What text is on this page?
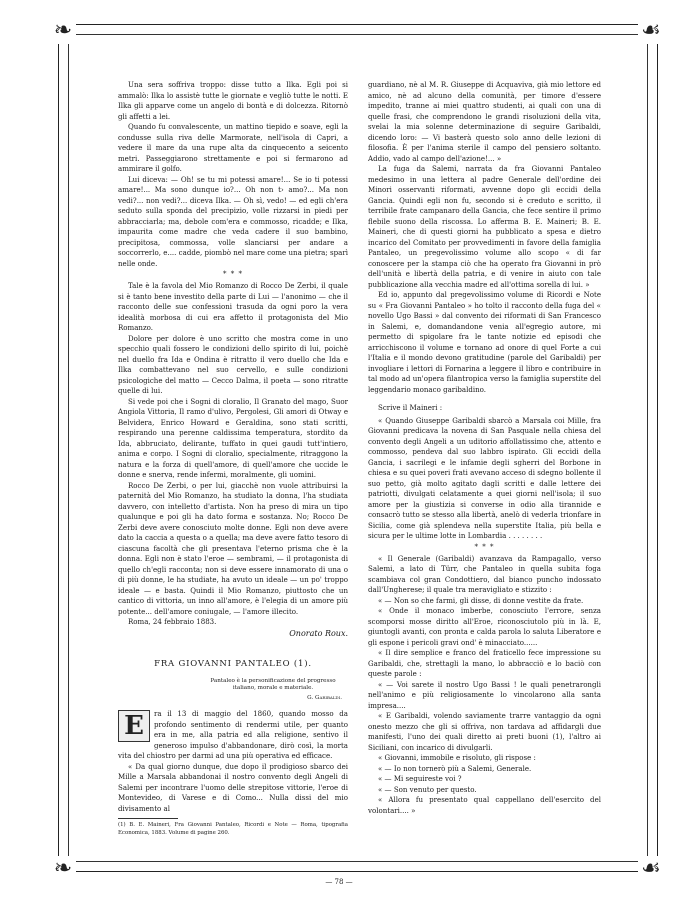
❧	☙
❧	☙

Una sera soffriva troppo: disse tutto a Ilka. Egli poi si ammalò: Ilka lo assistè tutte le giornate e vegliò tutte le notti. E Ilka gli apparve come un angelo di bontà e di dolcezza. Ritornò gli affetti a lei.

Quando fu convalescente, un mattino tiepido e soave, egli la condusse sulla riva delle Marmorate, nell'isola di Capri, a vedere il mare da una rupe alta da cinquecento a seicento metri. Passeggiarono strettamente e poi si fermarono ad ammirare il golfo.

Lui diceva: — Oh! se tu mi potessi amare!... Se io ti potessi amare!... Ma sono dunque io?... Oh non t› amo?... Ma non vedi?... non vedi?... diceva Ilka. — Oh sì, vedo! — ed egli ch'era seduto sulla sponda del precipizio, volle rizzarsi in piedi per abbracciarla; ma, debole com'era e commosso, ricadde; e Ilka, impaurita come madre che veda cadere il suo bambino, precipitosa, commossa, volle slanciarsi per andare a soccorrerlo, e.... cadde, piombò nel mare come una pietra; sparì nelle onde.

* * *

Tale è la favola del Mio Romanzo di Rocco De Zerbi, il quale si è tanto bene investito della parte di Lui — l'anonimo — che il racconto delle sue confessioni trasuda da ogni poro la vera idealità morbosa di cui era affetto il protagonista del Mio Romanzo.

Dolore per dolore è uno scritto che mostra come in uno specchio quali fossero le condizioni dello spirito di lui, poichè nel duello fra Ida e Ondina è ritratto il vero duello che Ida e Ilka combattevano nel suo cervello, e sulle condizioni psicologiche del matto — Cecco Dalma, il poeta — sono ritratte quelle di lui.

Si vede poi che i Sogni di cloralio, Il Granato del mago, Suor Angiola Vittoria, Il ramo d'ulivo, Pergolesi, Gli amori di Otway e Belvidera, Enrico Howard e Geraldina, sono stati scritti, respirando una perenne caldissima temperatura, stordito da Ida, abbruciato, delirante, tuffato in quei gaudi tutt'intiero, anima e corpo. I Sogni di cloralio, specialmente, ritraggono la natura e la forza di quell'amore, di quell'amore che uccide le donne e snerva, rende infermi, moralmente, gli uomini.

Rocco De Zerbi, o per lui, giacchè non vuole attribuirsi la paternità del Mio Romanzo, ha studiato la donna, l'ha studiata davvero, con intelletto d'artista. Non ha preso di mira un tipo qualunque e poi gli ha dato forma e sostanza. No; Rocco De Zerbi deve avere conosciuto molte donne. Egli non deve avere dato la caccia a questa o a quella; ma deve avere fatto tesoro di ciascuna facoltà che gli presentava l'eterno prisma che è la donna. Egli non è stato l'eroe — sembrami, — il protagonista di quello ch'egli racconta; non si deve essere innamorato di una o di più donne, le ha studiate, ha avuto un ideale — un po' troppo ideale — e basta. Quindi il Mio Romanzo, piuttosto che un cantico di vittoria, un inno all'amore, è l'elegia di un amore più potente... dell'amore coniugale, — l'amore illecito.

Roma, 24 febbraio 1883.

Onorato Roux.
FRA GIOVANNI PANTALEO (1).
Pantaleo è la personificazione del progresso
italiano, morale e materiale.
G. Garibaldi.
E	ra il 13 di maggio del 1860, quando mosso da profondo sentimento di rendermi utile, per quanto era in me, alla patria ed alla religione, sentivo il generoso impulso d'abbandonare, dirò così, la morta vita del chiostro per darmi ad una più operativa ed efficace.

« Da qual giorno dunque, due dopo il prodigioso sbarco dei Mille a Marsala abbandonai il nostro convento degli Angeli di Salemi per incontrare l'uomo delle strepitose vittorie, l'eroe di Montevideo, di Varese e di Como... Nulla dissi del mio divisamento al

(1) B. E. Maineri, Fra Giovanni Pantaleo, Ricordi e Note — Roma, tipografia Economica, 1883. Volume di pagine 260.

guardiano, nè al M. R. Giuseppe di Acquaviva, già mio lettore ed amico, nè ad alcuno della comunità, per timore d'essere impedito, tranne ai miei quattro studenti, ai quali con una di quelle frasi, che comprendono le grandi risoluzioni della vita, svelai la mia solenne determinazione di seguire Garibaldi, dicendo loro: — Vi basterà questo solo anno delle lezioni di filosofia. È per l'anima sterile il campo del pensiero soltanto. Addio, vado al campo dell'azione!... »

La fuga da Salemi, narrata da fra Giovanni Pantaleo medesimo in una lettera al padre Generale dell'ordine dei Minori osservanti riformati, avvenne dopo gli eccidi della Gancia. Quindi egli non fu, secondo si è creduto e scritto, il terribile frate campanaro della Gancia, che fece sentire il primo flebile suono della riscossa. Lo afferma B. E. Maineri; B. E. Maineri, che di questi giorni ha pubblicato a spesa e dietro incarico del Comitato per provvedimenti in favore della famiglia Pantaleo, un pregevolissimo volume allo scopo « di far conoscere per la stampa ciò che ha operato fra Giovanni in prò dell'unità e libertà della patria, e di venire in aiuto con tale pubblicazione alla vecchia madre ed all'ottima sorella di lui. »

Ed io, appunto dal pregevolissimo volume di Ricordi e Note su « Fra Giovanni Pantaleo » ho tolto il racconto della fuga del « novello Ugo Bassi » dal convento dei riformati di San Francesco in Salemi, e, domandandone venia all'egregio autore, mi permetto di spigolare fra le tante notizie ed episodi che arricchiscono il volume e tornano ad onore di quel Forte a cui l'Italia e il mondo devono gratitudine (parole del Garibaldi) per invogliare i lettori di Fornarina a leggere il libro e contribuire in tal modo ad un'opera filantropica verso la famiglia superstite del leggendario monaco garibaldino.

Scrive il Maineri :

« Quando Giuseppe Garibaldi sbarcò a Marsala coi Mille, fra Giovanni predicava la novena di San Pasquale nella chiesa del convento degli Angeli a un uditorio affollatissimo che, attento e commosso, pendeva dal suo labbro ispirato. Gli eccidi della Gancia, i sacrilegi e le infamie degli sgherri del Borbone in chiesa e su quei poveri frati avevano acceso di sdegno bollente il suo petto, già molto agitato dagli scritti e dalle lettere dei patriotti, divulgati celatamente a quei giorni nell'isola; il suo amore per la giustizia si converse in odio alla tirannide e consacrò tutto se stesso alla libertà, anelò di vederla trionfare in Sicilia, come già splendeva nella superstite Italia, più bella e sicura per le ultime lotte in Lombardia . . . . . . . .

* * *

« Il Generale (Garibaldi) avanzava da Rampagallo, verso Salemi, a lato di Türr, che Pantaleo in quella subita foga scambiava col gran Condottiero, dal bianco puncho indossato dall'Ungherese; il quale tra meravigliato e stizzito :

« — Non so che farmi, gli disse, di donne vestite da frate.

« Onde il monaco imberbe, conosciuto l'errore, senza scomporsi mosse diritto all'Eroe, riconosciutolo più in là. E, giuntogli avanti, con pronta e calda parola lo saluta Liberatore e gli espone i pericoli gravi ond' è minacciato......

« Il dire semplice e franco del fraticello fece impressione su Garibaldi, che, strettagli la mano, lo abbracciò e lo baciò con queste parole :

« — Voi sarete il nostro Ugo Bassi ! le quali penetrarongli nell'animo e più religiosamente lo vincolarono alla santa impresa....

« E Garibaldi, volendo saviamente trarre vantaggio da ogni onesto mezzo che gli si offriva, non tardava ad affidargli due manifesti, l'uno dei quali diretto ai preti buoni (1), l'altro ai Siciliani, con incarico di divulgarli.

« Giovanni, immobile e risoluto, gli rispose :

« — Io non tornerò più a Salemi, Generale.

« — Mi seguireste voi ?

« — Son venuto per questo.

« Allora fu presentato qual cappellano dell'esercito del volontari.... »

— 78 —
